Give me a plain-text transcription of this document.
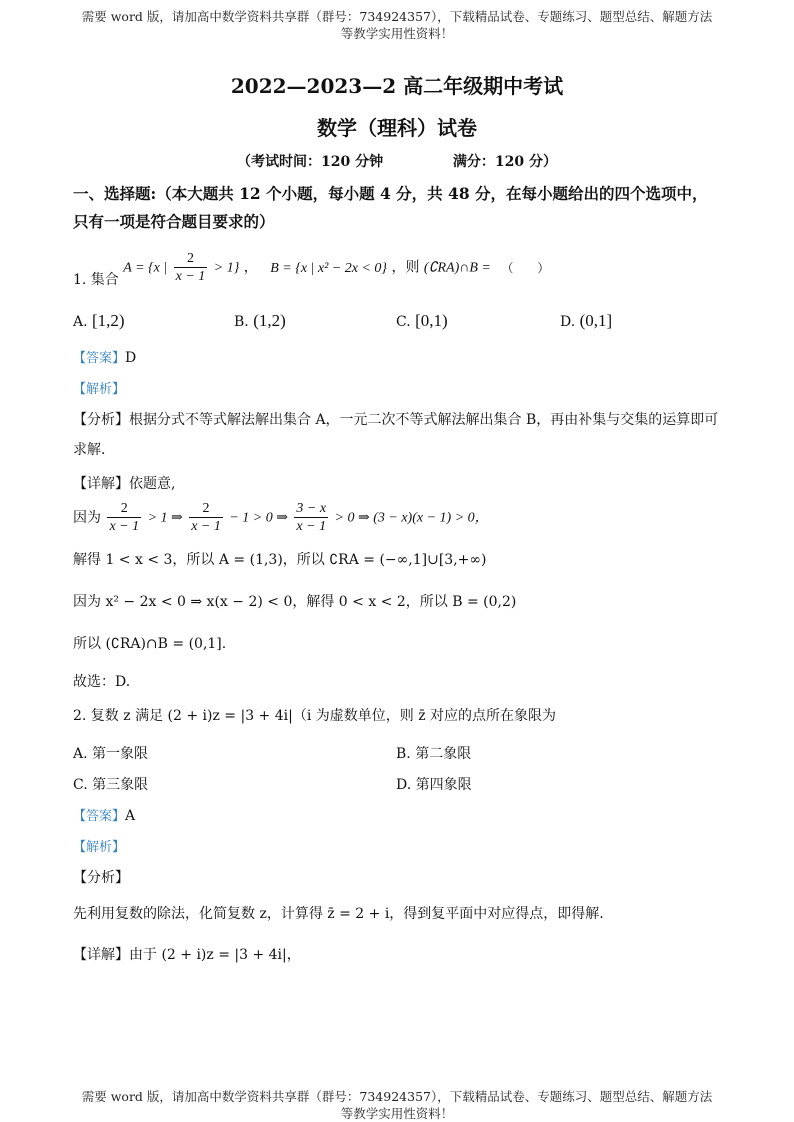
需要 word 版，请加高中数学资料共享群（群号：734924357），下载精品试卷、专题练习、题型总结、解题方法
等教学实用性资料！
2022—2023—2 高二年级期中考试
数学（理科）试卷
（考试时间：120 分钟	满分：120 分）
一、选择题:（本大题共 12 个小题，每小题 4 分，共 48 分，在每小题给出的四个选项中，只有一项是符合题目要求的）
1. 集合 A = {x | $\frac{2}{x - 1} > 1$} ， B = {x | x² − 2x < 0} ，则 (∁RA)∩B = （　　）
A. [1,2)	B. (1,2)	C. [0,1)	D. (0,1]
【答案】D
【解析】
【分析】根据分式不等式解法解出集合 A，一元二次不等式解法解出集合 B，再由补集与交集的运算即可求解.
【详解】依题意,
因为 $\frac{2}{x - 1} > 1$ ⇒ $\frac{2}{x - 1} - 1 > 0$ ⇒ $\frac{3 - x}{x - 1} > 0$ ⇒ (3 − x)(x − 1) > 0，
解得 1 < x < 3，所以 A = (1,3)，所以 ∁RA = (−∞,1]∪[3,+∞)
因为 x² − 2x < 0 ⇒ x(x − 2) < 0，解得 0 < x < 2，所以 B = (0,2)
所以 (∁RA)∩B = (0,1].
故选：D.
2. 复数 z 满足 (2 + i)z = |3 + 4i|（i 为虚数单位，则 z̄ 对应的点所在象限为
A. 第一象限	B. 第二象限
C. 第三象限	D. 第四象限
【答案】A
【解析】
【分析】
先利用复数的除法，化简复数 z，计算得 z̄ = 2 + i，得到复平面中对应得点，即得解.
【详解】由于 (2 + i)z = |3 + 4i|，
需要 word 版，请加高中数学资料共享群（群号：734924357），下载精品试卷、专题练习、题型总结、解题方法
等教学实用性资料！
